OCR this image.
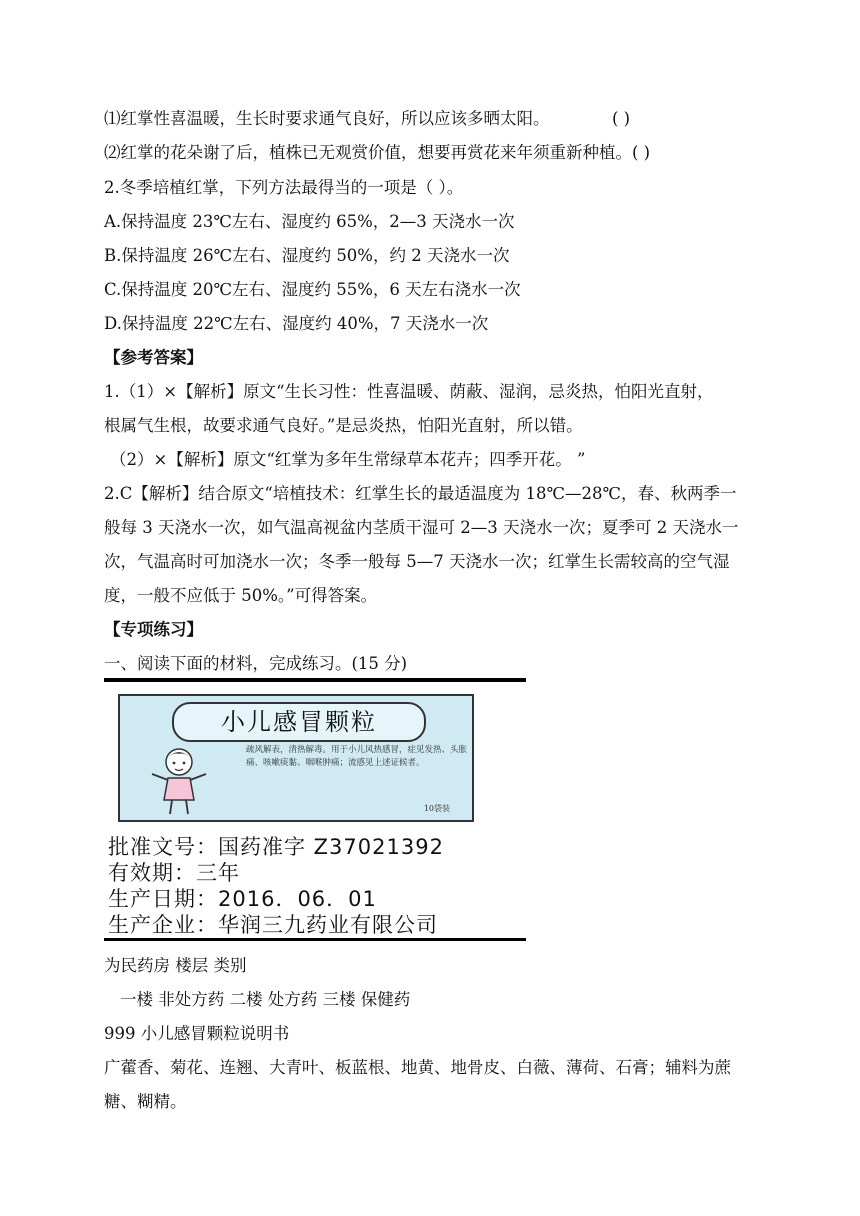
⑴红掌性喜温暖，生长时要求通气良好，所以应该多晒太阳。	( )
⑵红掌的花朵谢了后，植株已无观赏价值，想要再赏花来年须重新种植。( )
2.冬季培植红掌，下列方法最得当的一项是（ ）。
A.保持温度 23℃左右、湿度约 65%，2—3 天浇水一次
B.保持温度 26℃左右、湿度约 50%，约 2 天浇水一次
C.保持温度 20℃左右、湿度约 55%，6 天左右浇水一次
D.保持温度 22℃左右、湿度约 40%，7 天浇水一次
【参考答案】
1.（1）×【解析】原文“生长习性：性喜温暖、荫蔽、湿润，忌炎热，怕阳光直射，
根属气生根，故要求通气良好。”是忌炎热，怕阳光直射，所以错。
（2）×【解析】原文“红掌为多年生常绿草本花卉；四季开花。 ”
2.C【解析】结合原文“培植技术：红掌生长的最适温度为 18℃—28℃，春、秋两季一
般每 3 天浇水一次，如气温高视盆内茎质干湿可 2—3 天浇水一次；夏季可 2 天浇水一
次，气温高时可加浇水一次；冬季一般每 5—7 天浇水一次；红掌生长需较高的空气湿
度，一般不应低于 50%。”可得答案。
【专项练习】
一、阅读下面的材料，完成练习。(15 分)
小儿感冒颗粒
疏风解表，清热解毒。用于小儿风热感冒，症见发热、头胀痛、咳嗽痰黏、咽喉肿痛；流感见上述证候者。
10袋装
批准文号：国药准字 Z37021392
有效期：三年
生产日期：2016．06．01
生产企业：华润三九药业有限公司
为民药房 楼层 类别
一楼 非处方药 二楼 处方药 三楼 保健药
999 小儿感冒颗粒说明书
广藿香、菊花、连翘、大青叶、板蓝根、地黄、地骨皮、白薇、薄荷、石膏；辅料为蔗
糖、糊精。
